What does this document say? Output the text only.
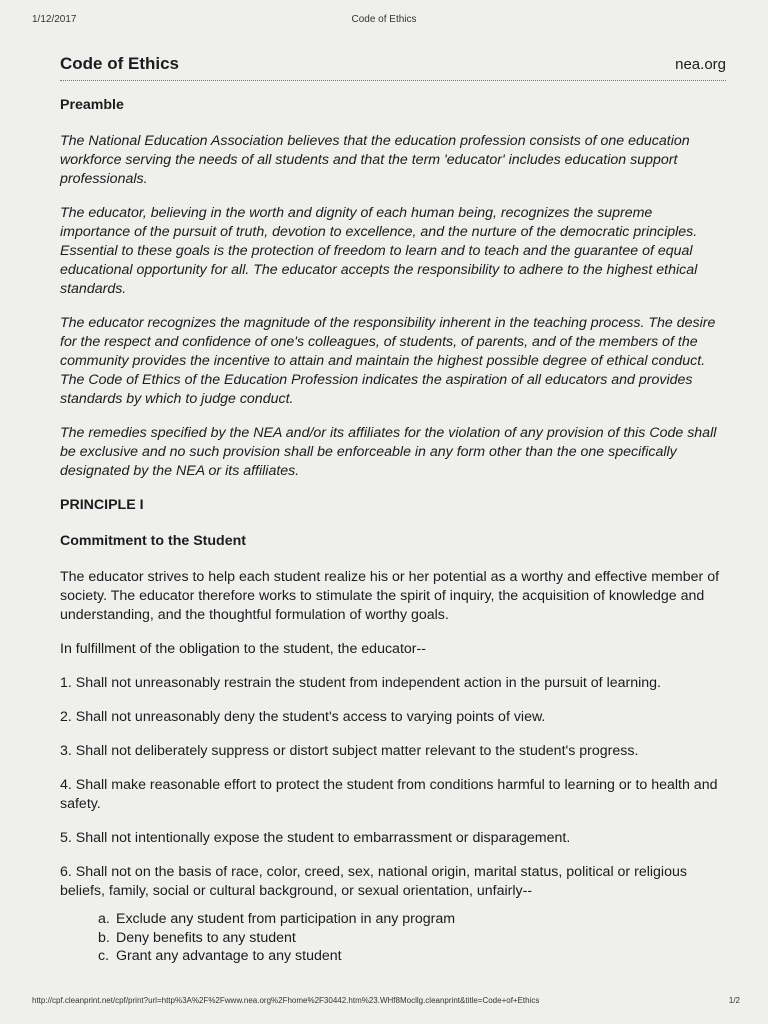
1/12/2017	Code of Ethics
Code of Ethics	nea.org

Preamble

The National Education Association believes that the education profession consists of one education workforce serving the needs of all students and that the term 'educator' includes education support professionals.

The educator, believing in the worth and dignity of each human being, recognizes the supreme importance of the pursuit of truth, devotion to excellence, and the nurture of the democratic principles. Essential to these goals is the protection of freedom to learn and to teach and the guarantee of equal educational opportunity for all. The educator accepts the responsibility to adhere to the highest ethical standards.

The educator recognizes the magnitude of the responsibility inherent in the teaching process. The desire for the respect and confidence of one's colleagues, of students, of parents, and of the members of the community provides the incentive to attain and maintain the highest possible degree of ethical conduct. The Code of Ethics of the Education Profession indicates the aspiration of all educators and provides standards by which to judge conduct.

The remedies specified by the NEA and/or its affiliates for the violation of any provision of this Code shall be exclusive and no such provision shall be enforceable in any form other than the one specifically designated by the NEA or its affiliates.

PRINCIPLE I

Commitment to the Student

The educator strives to help each student realize his or her potential as a worthy and effective member of society. The educator therefore works to stimulate the spirit of inquiry, the acquisition of knowledge and understanding, and the thoughtful formulation of worthy goals.

In fulfillment of the obligation to the student, the educator--

1. Shall not unreasonably restrain the student from independent action in the pursuit of learning.

2. Shall not unreasonably deny the student's access to varying points of view.

3. Shall not deliberately suppress or distort subject matter relevant to the student's progress.

4. Shall make reasonable effort to protect the student from conditions harmful to learning or to health and safety.

5. Shall not intentionally expose the student to embarrassment or disparagement.

6. Shall not on the basis of race, color, creed, sex, national origin, marital status, political or religious beliefs, family, social or cultural background, or sexual orientation, unfairly--

a. Exclude any student from participation in any program
b. Deny benefits to any student
c. Grant any advantage to any student
http://cpf.cleanprint.net/cpf/print?url=http%3A%2F%2Fwww.nea.org%2Fhome%2F30442.htm%23.WHf8Mocllg.cleanprint&title=Code+of+Ethics	1/2
